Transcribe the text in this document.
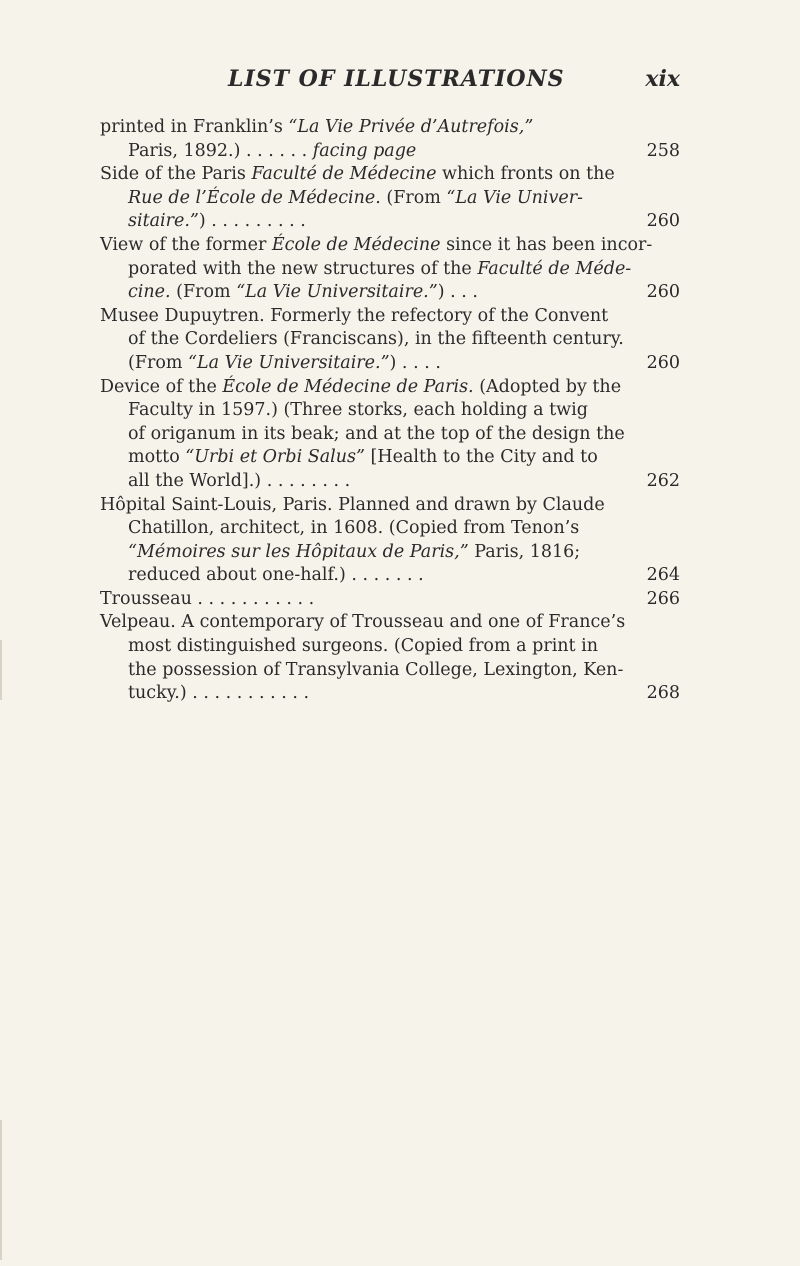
LIST OF ILLUSTRATIONS	xix
printed in Franklin’s “La Vie Privée d’Autrefois,”
Paris, 1892.) . . . . . . facing page	258
Side of the Paris Faculté de Médecine which fronts on the
Rue de l’École de Médecine. (From “La Vie Univer-
sitaire.”) . . . . . . . . .	260
View of the former École de Médecine since it has been incor-
porated with the new structures of the Faculté de Méde-
cine. (From “La Vie Universitaire.”) . . .	260
Musee Dupuytren. Formerly the refectory of the Convent
of the Cordeliers (Franciscans), in the fifteenth century.
(From “La Vie Universitaire.”) . . . .	260
Device of the École de Médecine de Paris. (Adopted by the
Faculty in 1597.) (Three storks, each holding a twig
of origanum in its beak; and at the top of the design the
motto “Urbi et Orbi Salus” [Health to the City and to
all the World].) . . . . . . . .	262
Hôpital Saint-Louis, Paris. Planned and drawn by Claude
Chatillon, architect, in 1608. (Copied from Tenon’s
“Mémoires sur les Hôpitaux de Paris,” Paris, 1816;
reduced about one-half.) . . . . . . .	264
Trousseau . . . . . . . . . . .	266
Velpeau. A contemporary of Trousseau and one of France’s
most distinguished surgeons. (Copied from a print in
the possession of Transylvania College, Lexington, Ken-
tucky.) . . . . . . . . . . .	268
